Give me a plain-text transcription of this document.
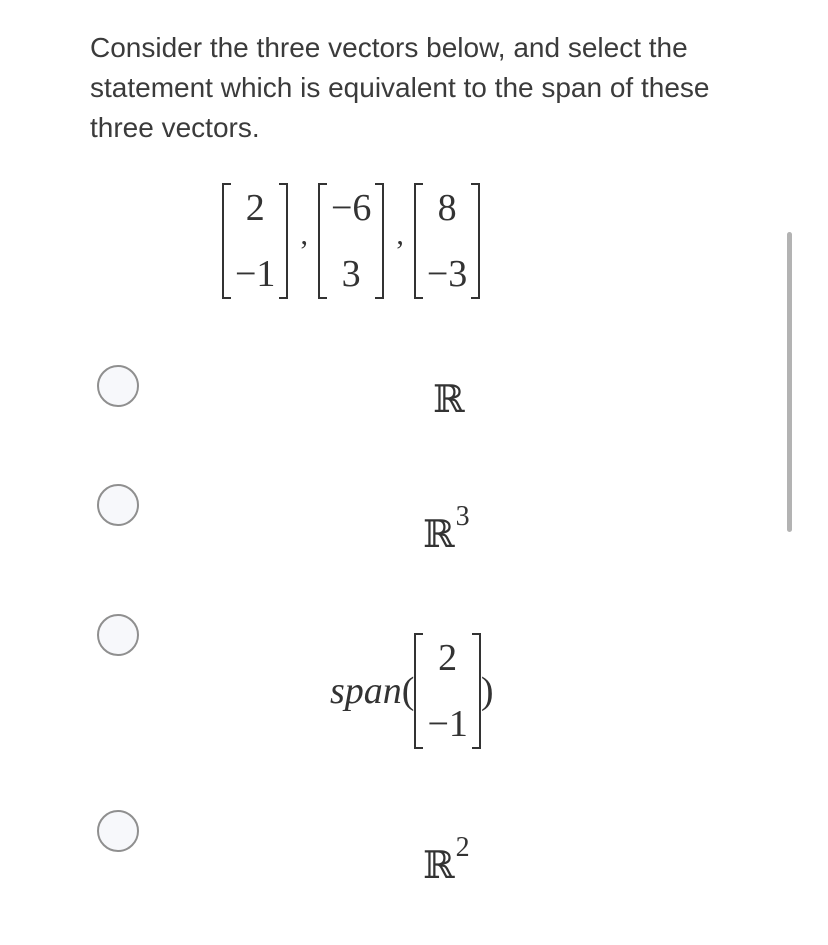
Consider the three vectors below, and select the statement which is equivalent to the span of these three vectors.

2
−1
,
−6
3
,
8
−3
ℝ
ℝ3
span (
2
−1
)
ℝ2
